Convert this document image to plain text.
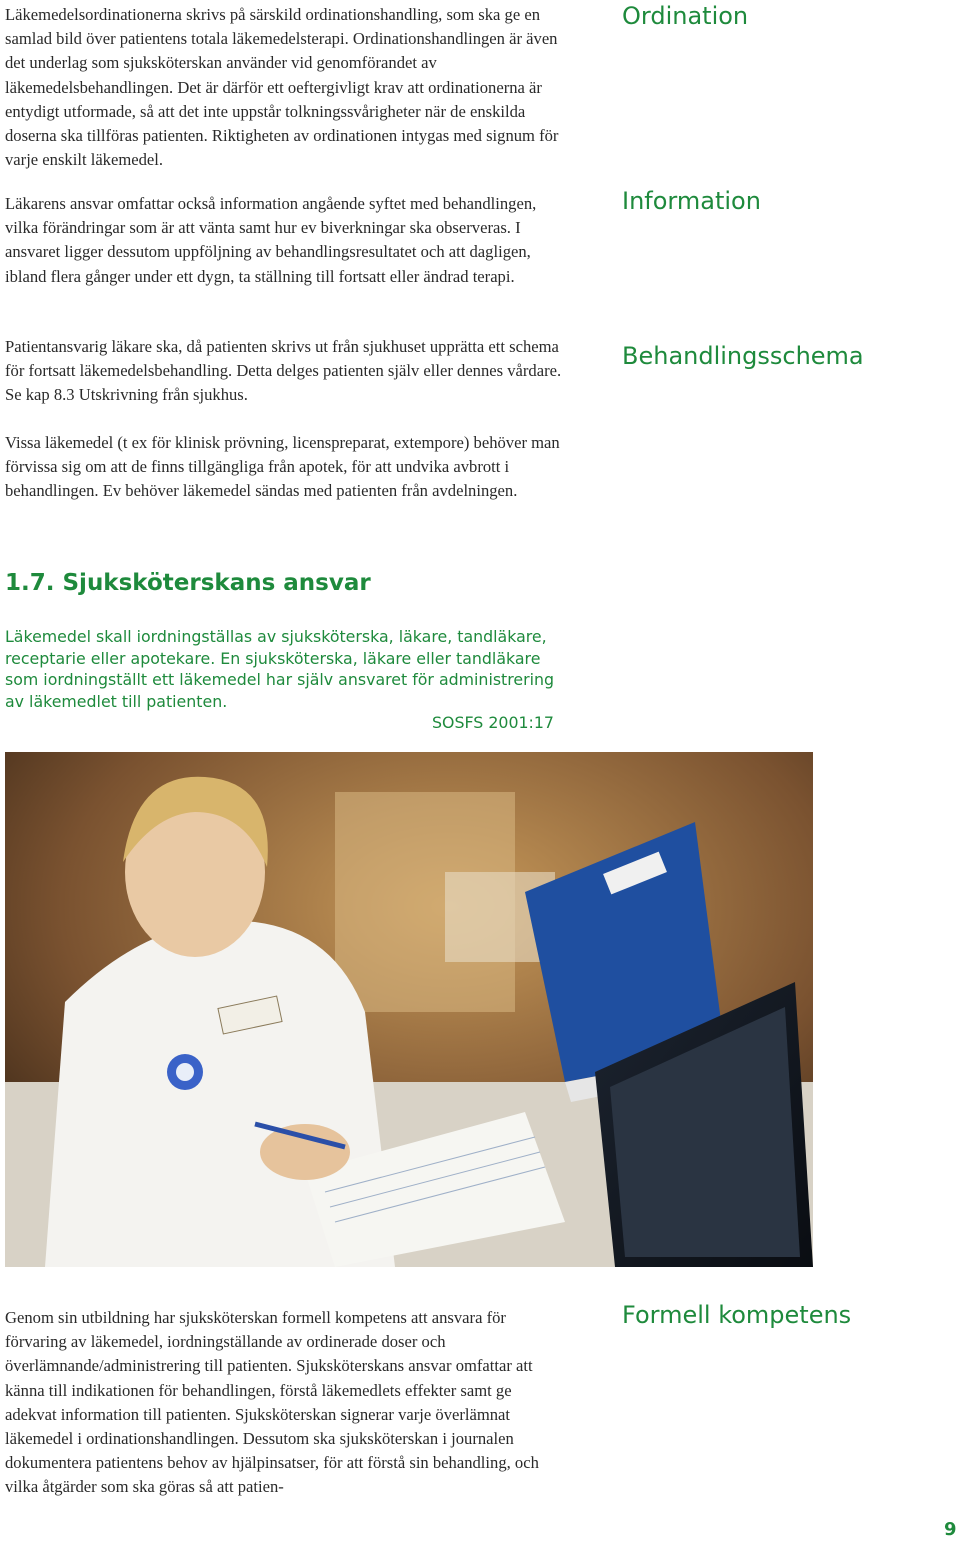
Läkemedelsordinationerna skrivs på särskild ordinationshandling, som ska ge en samlad bild över patientens totala läkemedelsterapi. Ordinationshandlingen är även det underlag som sjuksköterskan använder vid genomförandet av läkemedelsbehandlingen. Det är därför ett oeftergivligt krav att ordinationerna är entydigt utformade, så att det inte uppstår tolkningssvårigheter när de enskilda doserna ska tillföras patienten. Riktigheten av ordinationen intygas med signum för varje enskilt läkemedel.

Ordination

Läkarens ansvar omfattar också information angående syftet med behandlingen, vilka förändringar som är att vänta samt hur ev biverkningar ska observeras. I ansvaret ligger dessutom uppföljning av behandlingsresultatet och att dagligen, ibland flera gånger under ett dygn, ta ställning till fortsatt eller ändrad terapi.

Information

Patientansvarig läkare ska, då patienten skrivs ut från sjukhuset upprätta ett schema för fortsatt läkemedelsbehandling. Detta delges patienten själv eller dennes vårdare. Se kap 8.3 Utskrivning från sjukhus.

Behandlingsschema

Vissa läkemedel (t ex för klinisk prövning, licenspreparat, extempore) behöver man förvissa sig om att de finns tillgängliga från apotek, för att undvika avbrott i behandlingen. Ev behöver läkemedel sändas med patienten från avdelningen.

1.7. Sjuksköterskans ansvar

Läkemedel skall iordningställas av sjuksköterska, läkare, tandläkare, receptarie eller apotekare. En sjuksköterska, läkare eller tandläkare som iordningställt ett läkemedel har själv ansvaret för administrering av läkemedlet till patienten.

SOSFS 2001:17

Genom sin utbildning har sjuksköterskan formell kompetens att ansvara för förvaring av läkemedel, iordningställande av ordinerade doser och överlämnande/administrering till patienten. Sjuksköterskans ansvar omfattar att känna till indikationen för behandlingen, förstå läkemedlets effekter samt ge adekvat information till patienten. Sjuksköterskan signerar varje överlämnat läkemedel i ordinationshandlingen. Dessutom ska sjuksköterskan i journalen dokumentera patientens behov av hjälpinsatser, för att förstå sin behandling, och vilka åtgärder som ska göras så att patien-

Formell kompetens
9
